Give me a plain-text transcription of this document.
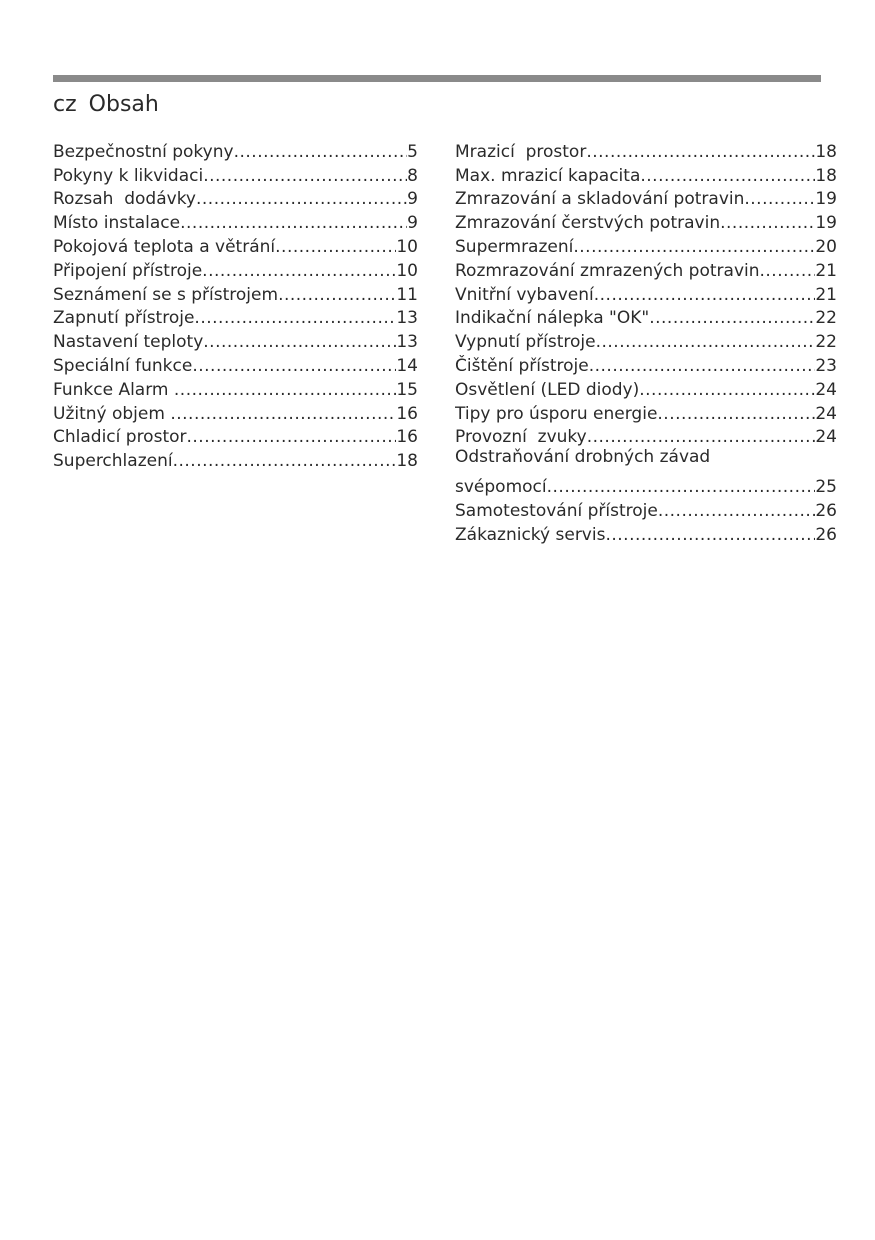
cz Obsah
Bezpečnostní pokyny .....	5
Pokyny k likvidaci .....	8
Rozsah  dodávky .....	9
Místo instalace .....	9
Pokojová teplota a větrání .....	10
Připojení přístroje .....	10
Seznámení se s přístrojem .....	11
Zapnutí přístroje .....	13
Nastavení teploty .....	13
Speciální funkce .....	14
Funkce Alarm .....	15
Užitný objem .....	16
Chladicí prostor .....	16
Superchlazení .....	18
Mrazicí  prostor .....	18
Max. mrazicí kapacita .....	18
Zmrazování a skladování potravin .....	19
Zmrazování čerstvých potravin .....	19
Supermrazení .....	20
Rozmrazování zmrazených potravin .....	21
Vnitřní vybavení .....	21
Indikační nálepka "OK" .....	22
Vypnutí přístroje .....	22
Čištění přístroje .....	23
Osvětlení (LED diody) .....	24
Tipy pro úsporu energie .....	24
Provozní  zvuky .....	24
Odstraňování drobných závad
svépomocí .....	25
Samotestování přístroje .....	26
Zákaznický servis .....	26
